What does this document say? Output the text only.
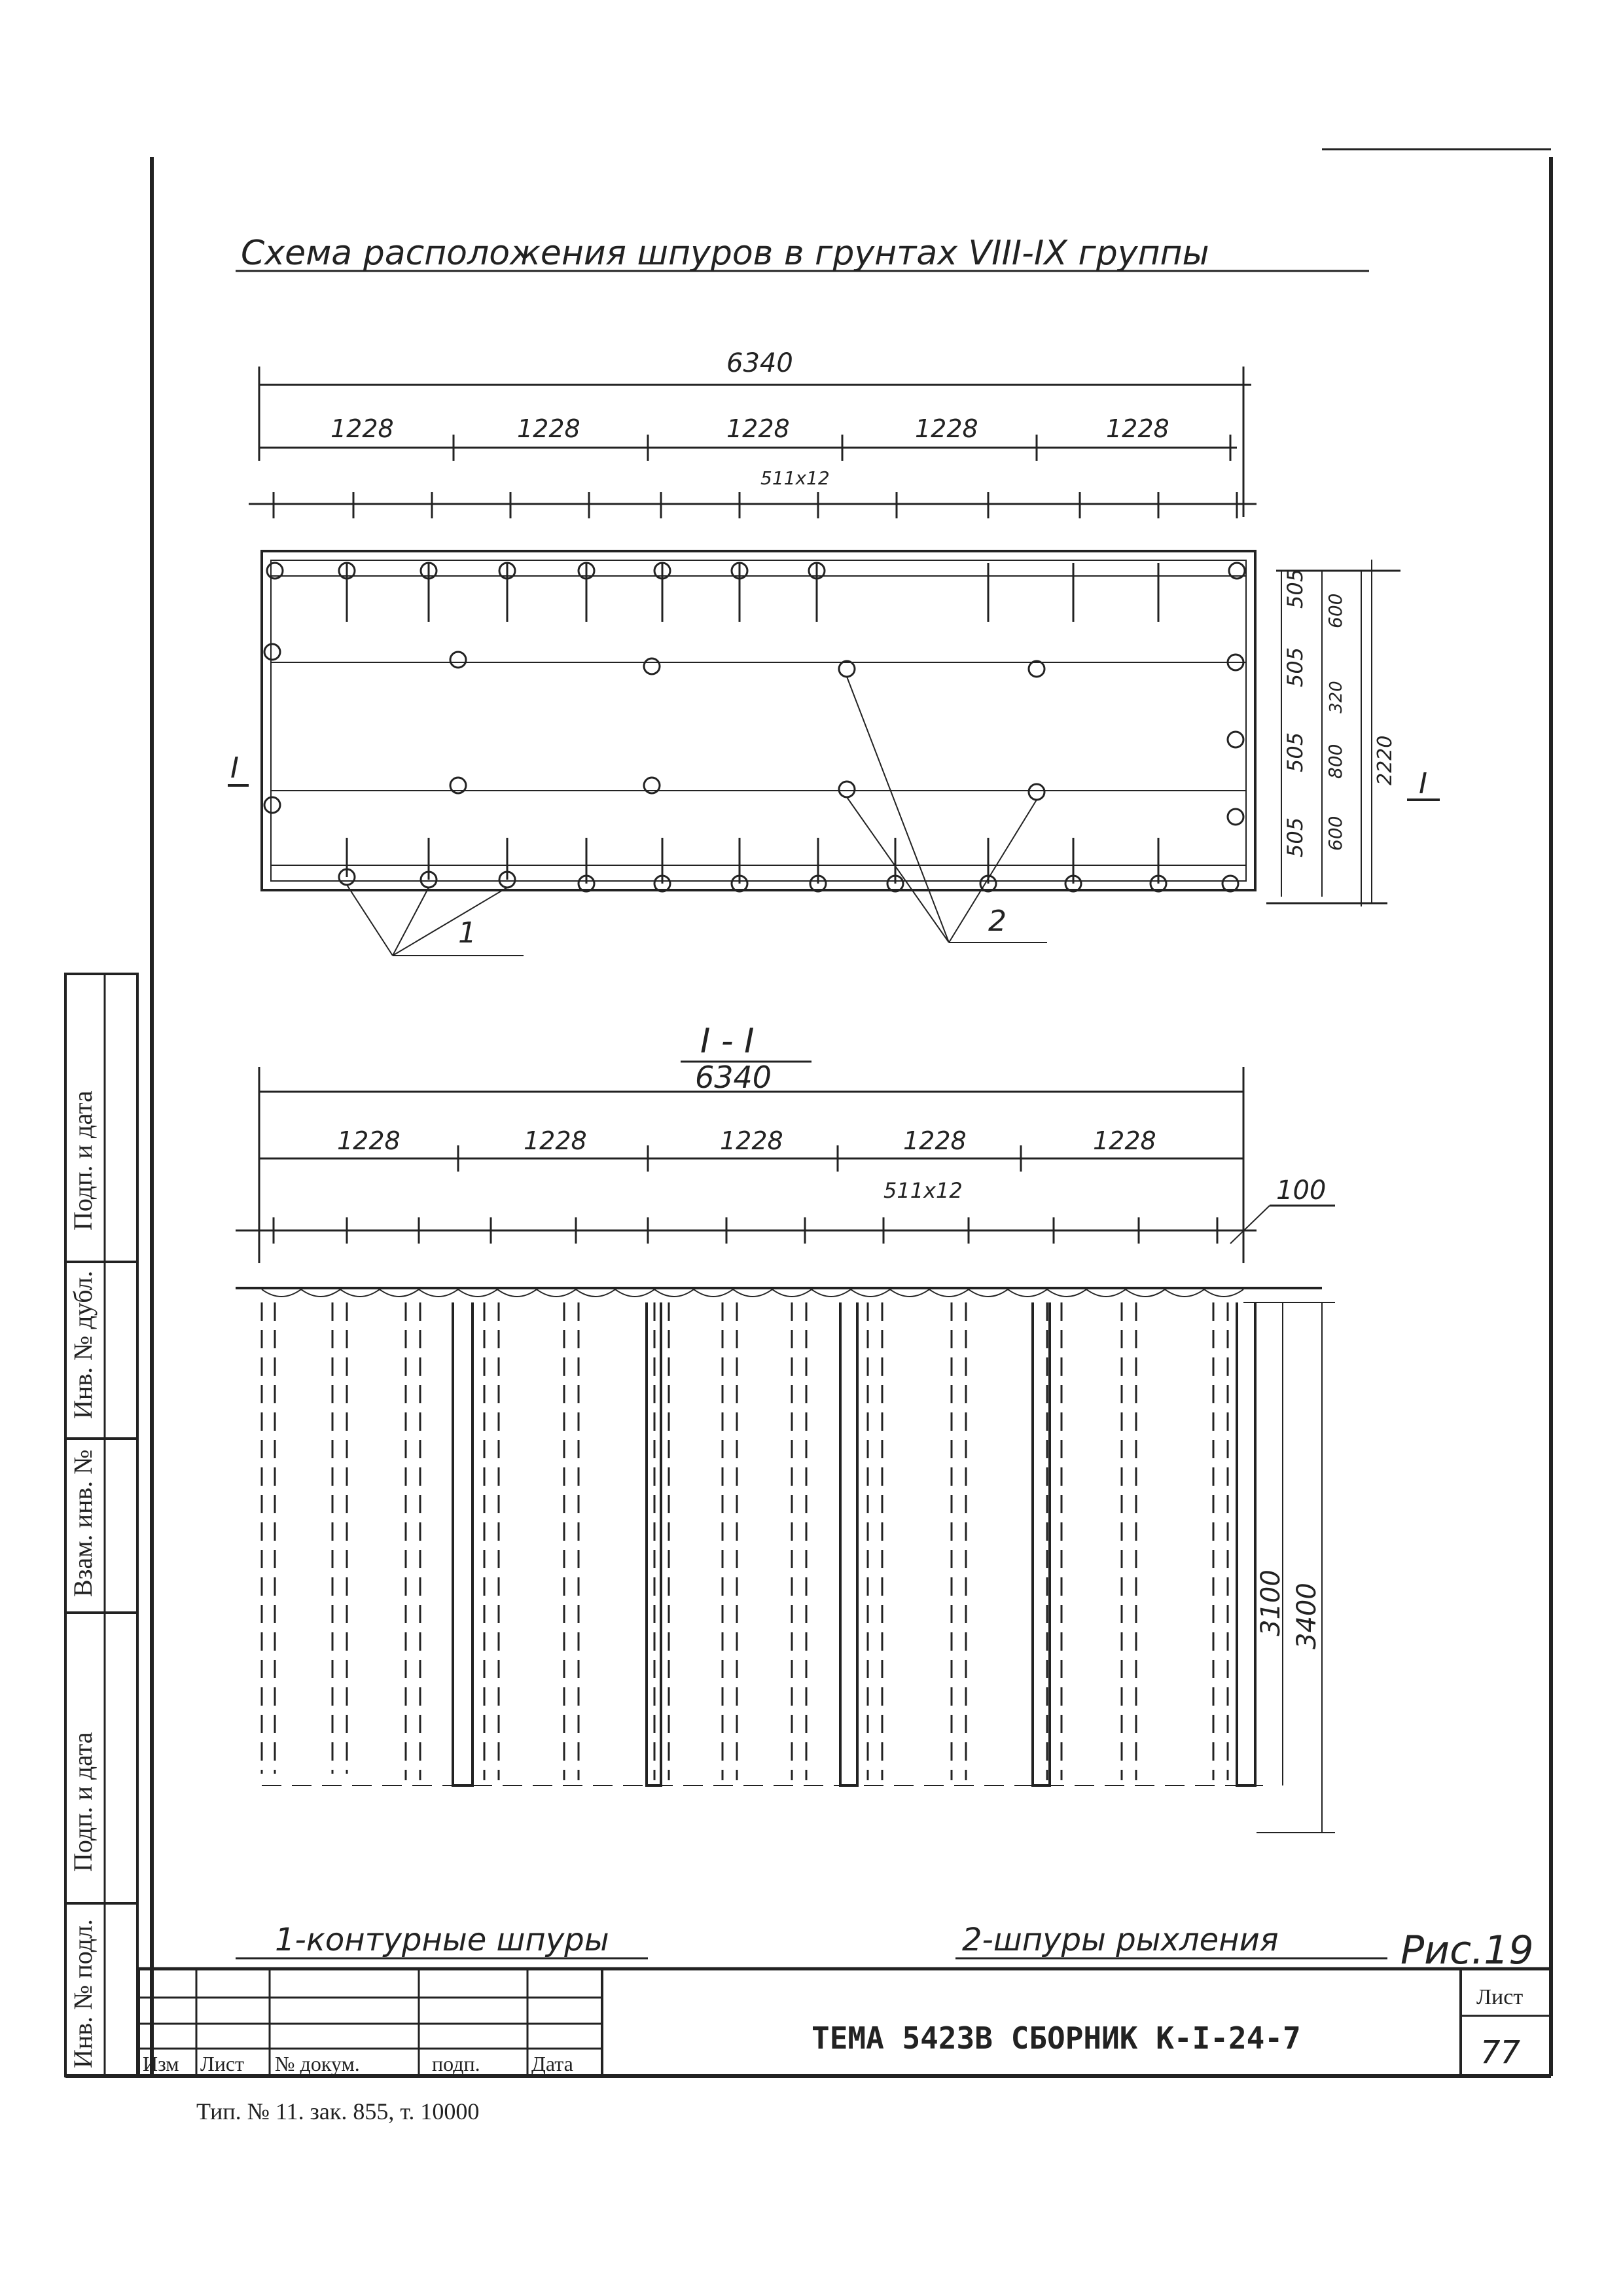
Схема расположения шпуров в грунтах VIII-IX группы
6340
1228	1228	1228	1228	1228
511x12
I	I
505
505
505
505
600
320
800
600
2220
1	2
I - I
6340
1228	1228	1228	1228	1228
511x12	100
3100 3400
1-контурные шпуры	2-шпуры рыхления	Рис.19
Подп. и дата
Инв. № дубл.
Взам. инв. №
Подп. и дата
Инв. № подл. Изм Лист № докум.	подп. Дата
ТЕМА 5423В СБОРНИК К-I-24-7
Лист
77
Тип. № 11. зак. 855, т. 10000
